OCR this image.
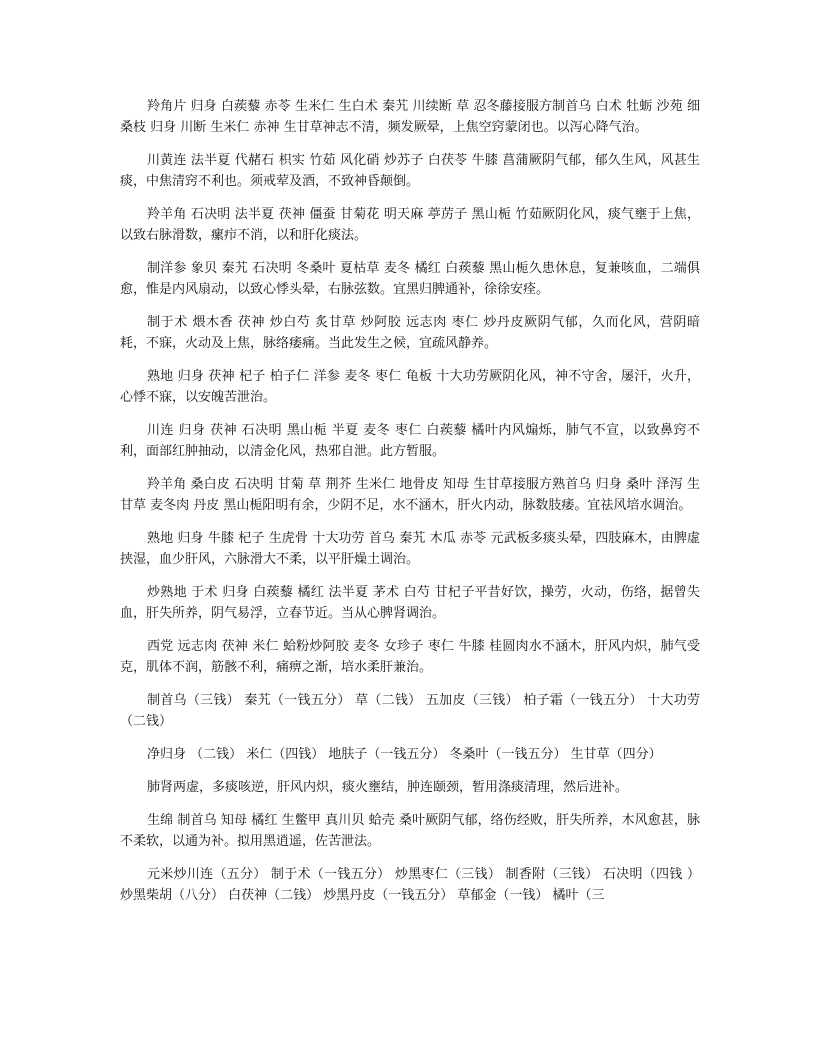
羚角片 归身 白蒺藜 赤苓 生米仁 生白术 秦艽 川续断 草 忍冬藤接服方制首乌 白术 牡蛎 沙苑 细桑枝 归身 川断 生米仁 赤神 生甘草神志不清，频发厥晕，上焦空窍蒙闭也。以泻心降气治。

川黄连 法半夏 代赭石 枳实 竹茹 风化硝 炒苏子 白茯苓 牛膝 菖蒲厥阴气郁，郁久生风，风甚生痰，中焦清窍不利也。须戒荤及酒，不致神昏颠倒。

羚羊角 石决明 法半夏 茯神 僵蚕 甘菊花 明天麻 葶苈子 黑山栀 竹茹厥阴化风，痰气壅于上焦，以致右脉滑数，瘰疖不消，以和肝化痰法。

制洋参 象贝 秦艽 石决明 冬桑叶 夏枯草 麦冬 橘红 白蒺藜 黑山栀久患休息，复兼咳血，二端俱愈，惟是内风扇动，以致心悸头晕，右脉弦数。宜黑归脾通补，徐徐安痊。

制于术 煨木香 茯神 炒白芍 炙甘草 炒阿胶 远志肉 枣仁 炒丹皮厥阴气郁，久而化风，营阴暗耗，不寐，火动及上焦，脉络痿痛。当此发生之候，宜疏风静养。

熟地 归身 茯神 杞子 柏子仁 洋参 麦冬 枣仁 龟板 十大功劳厥阴化风，神不守舍，屡汗，火升，心悸不寐，以安魄苦泄治。

川连 归身 茯神 石决明 黑山栀 半夏 麦冬 枣仁 白蒺藜 橘叶内风煽烁，肺气不宣，以致鼻窍不利，面部红肿抽动，以清金化风，热邪自泄。此方暂服。

羚羊角 桑白皮 石决明 甘菊 草 荆芥 生米仁 地骨皮 知母 生甘草接服方熟首乌 归身 桑叶 泽泻 生甘草 麦冬肉 丹皮 黑山栀阳明有余，少阴不足，水不涵木，肝火内动，脉数肢痿。宜祛风培水调治。

熟地 归身 牛膝 杞子 生虎骨 十大功劳 首乌 秦艽 木瓜 赤苓 元武板多痰头晕，四肢麻木，由脾虚挟湿，血少肝风，六脉滑大不柔，以平肝燥土调治。

炒熟地 于术 归身 白蒺藜 橘红 法半夏 茅术 白芍 甘杞子平昔好饮，操劳，火动，伤络，据曾失血，肝失所养，阴气易浮，立春节近。当从心脾肾调治。

西党 远志肉 茯神 米仁 蛤粉炒阿胶 麦冬 女珍子 枣仁 牛膝 桂圆肉水不涵木，肝风内炽，肺气受克，肌体不润，筋骸不利，痛痹之渐，培水柔肝兼治。

制首乌（三钱） 秦艽（一钱五分） 草（二钱） 五加皮（三钱） 柏子霜（一钱五分） 十大功劳（二钱）

净归身 （二钱） 米仁（四钱） 地肤子（一钱五分） 冬桑叶（一钱五分） 生甘草（四分）

肺肾两虚，多痰咳逆，肝风内炽，痰火壅结，肿连颐颈，暂用涤痰清理，然后进补。

生绵 制首乌 知母 橘红 生鳖甲 真川贝 蛤壳 桑叶厥阴气郁，络伤经败，肝失所养，木风愈甚，脉不柔软，以通为补。拟用黑逍遥，佐苦泄法。

元米炒川连（五分） 制于术（一钱五分） 炒黑枣仁（三钱） 制香附（三钱） 石决明（四钱 ） 炒黑柴胡（八分） 白茯神（二钱） 炒黑丹皮（一钱五分） 草郁金（一钱） 橘叶（三
